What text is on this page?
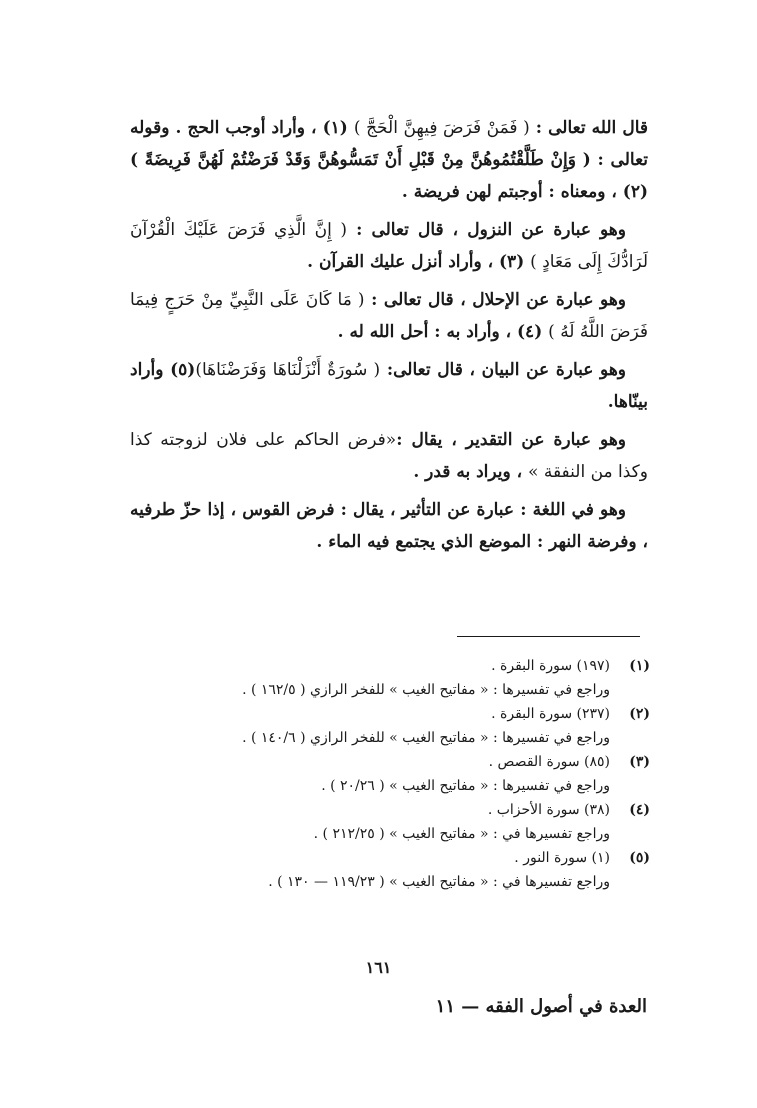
قال الله تعالى : ( فَمَنْ فَرَضَ فِيهِنَّ الْحَجَّ ) (١) ، وأراد أوجب الحج . وقوله تعالى : ( وَإِنْ طَلَّقْتُمُوهُنَّ مِنْ قَبْلِ أَنْ تَمَسُّوهُنَّ وَقَدْ فَرَضْتُمْ لَهُنَّ فَرِيضَةً ) (٢) ، ومعناه : أوجبتم لهن فريضة .

وهو عبارة عن النزول ، قال تعالى : ( إِنَّ الَّذِي فَرَضَ عَلَيْكَ الْقُرْآنَ لَرَادُّكَ إِلَى مَعَادٍ ) (٣) ، وأراد أنزل عليك القرآن .

وهو عبارة عن الإحلال ، قال تعالى : ( مَا كَانَ عَلَى النَّبِيِّ مِنْ حَرَجٍ فِيمَا فَرَضَ اللَّهُ لَهُ ) (٤) ، وأراد به : أحل الله له .

وهو عبارة عن البيان ، قال تعالى: ( سُورَةٌ أَنْزَلْنَاهَا وَفَرَضْنَاهَا)(٥) وأراد بينّاها.

وهو عبارة عن التقدير ، يقال :«فرض الحاكم على فلان لزوجته كذا وكذا من النفقة » ، ويراد به قدر .

وهو في اللغة : عبارة عن التأثير ، يقال : فرض القوس ، إذا حزّ طرفيه ، وفرضة النهر : الموضع الذي يجتمع فيه الماء .

(١)
(١٩٧) سورة البقرة .
وراجع في تفسيرها : « مفاتيح الغيب » للفخر الرازي ( ١٦٢/٥ ) .
(٢)
(٢٣٧) سورة البقرة .
وراجع في تفسيرها : « مفاتيح الغيب » للفخر الرازي ( ١٤٠/٦ ) .
(٣)
(٨٥) سورة القصص .
وراجع في تفسيرها : « مفاتيح الغيب » ( ٢٠/٢٦ ) .
(٤)
(٣٨) سورة الأحزاب .
وراجع تفسيرها في : « مفاتيح الغيب » ( ٢١٢/٢٥ ) .
(٥)
(١) سورة النور .
وراجع تفسيرها في : « مفاتيح الغيب » ( ١١٩/٢٣ — ١٣٠ ) .
١٦١
العدة في أصول الفقه — ١١
